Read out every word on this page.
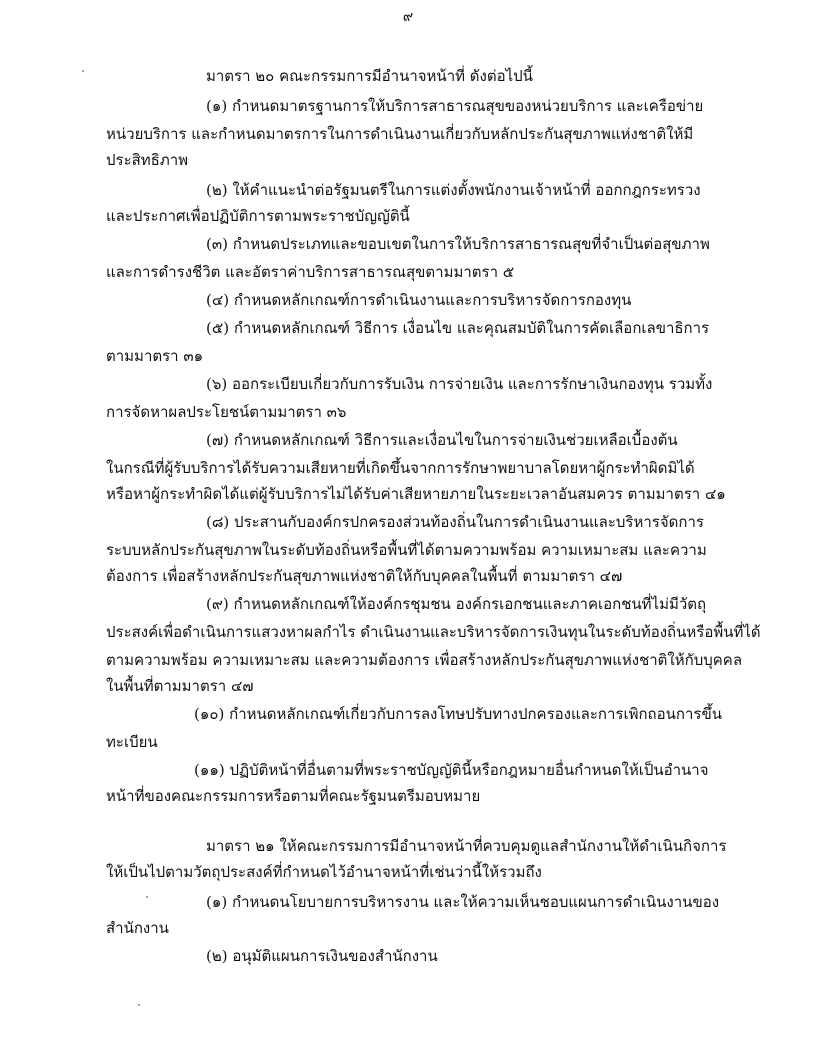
๙
มาตรา ๒๐ คณะกรรมการมีอำนาจหน้าที่ ดังต่อไปนี้
(๑) กำหนดมาตรฐานการให้บริการสาธารณสุขของหน่วยบริการ และเครือข่าย
หน่วยบริการ และกำหนดมาตรการในการดำเนินงานเกี่ยวกับหลักประกันสุขภาพแห่งชาติให้มี
ประสิทธิภาพ
(๒) ให้คำแนะนำต่อรัฐมนตรีในการแต่งตั้งพนักงานเจ้าหน้าที่ ออกกฎกระทรวง
และประกาศเพื่อปฏิบัติการตามพระราชบัญญัตินี้
(๓) กำหนดประเภทและขอบเขตในการให้บริการสาธารณสุขที่จำเป็นต่อสุขภาพ
และการดำรงชีวิต และอัตราค่าบริการสาธารณสุขตามมาตรา ๕
(๔) กำหนดหลักเกณฑ์การดำเนินงานและการบริหารจัดการกองทุน
(๕) กำหนดหลักเกณฑ์ วิธีการ เงื่อนไข และคุณสมบัติในการคัดเลือกเลขาธิการ
ตามมาตรา ๓๑
(๖) ออกระเบียบเกี่ยวกับการรับเงิน การจ่ายเงิน และการรักษาเงินกองทุน รวมทั้ง
การจัดหาผลประโยชน์ตามมาตรา ๓๖
(๗) กำหนดหลักเกณฑ์ วิธีการและเงื่อนไขในการจ่ายเงินช่วยเหลือเบื้องต้น
ในกรณีที่ผู้รับบริการได้รับความเสียหายที่เกิดขึ้นจากการรักษาพยาบาลโดยหาผู้กระทำผิดมิได้
หรือหาผู้กระทำผิดได้แต่ผู้รับบริการไม่ได้รับค่าเสียหายภายในระยะเวลาอันสมควร ตามมาตรา ๔๑
(๘) ประสานกับองค์กรปกครองส่วนท้องถิ่นในการดำเนินงานและบริหารจัดการ
ระบบหลักประกันสุขภาพในระดับท้องถิ่นหรือพื้นที่ได้ตามความพร้อม ความเหมาะสม และความ
ต้องการ เพื่อสร้างหลักประกันสุขภาพแห่งชาติให้กับบุคคลในพื้นที่ ตามมาตรา ๔๗
(๙) กำหนดหลักเกณฑ์ให้องค์กรชุมชน องค์กรเอกชนและภาคเอกชนที่ไม่มีวัตถุ
ประสงค์เพื่อดำเนินการแสวงหาผลกำไร ดำเนินงานและบริหารจัดการเงินทุนในระดับท้องถิ่นหรือพื้นที่ได้
ตามความพร้อม ความเหมาะสม และความต้องการ เพื่อสร้างหลักประกันสุขภาพแห่งชาติให้กับบุคคล
ในพื้นที่ตามมาตรา ๔๗
(๑๐) กำหนดหลักเกณฑ์เกี่ยวกับการลงโทษปรับทางปกครองและการเพิกถอนการขึ้น
ทะเบียน
(๑๑) ปฏิบัติหน้าที่อื่นตามที่พระราชบัญญัตินี้หรือกฎหมายอื่นกำหนดให้เป็นอำนาจ
หน้าที่ของคณะกรรมการหรือตามที่คณะรัฐมนตรีมอบหมาย
มาตรา ๒๑ ให้คณะกรรมการมีอำนาจหน้าที่ควบคุมดูแลสำนักงานให้ดำเนินกิจการ
ให้เป็นไปตามวัตถุประสงค์ที่กำหนดไว้อำนาจหน้าที่เช่นว่านี้ให้รวมถึง
(๑) กำหนดนโยบายการบริหารงาน และให้ความเห็นชอบแผนการดำเนินงานของ
สำนักงาน
(๒) อนุมัติแผนการเงินของสำนักงาน
